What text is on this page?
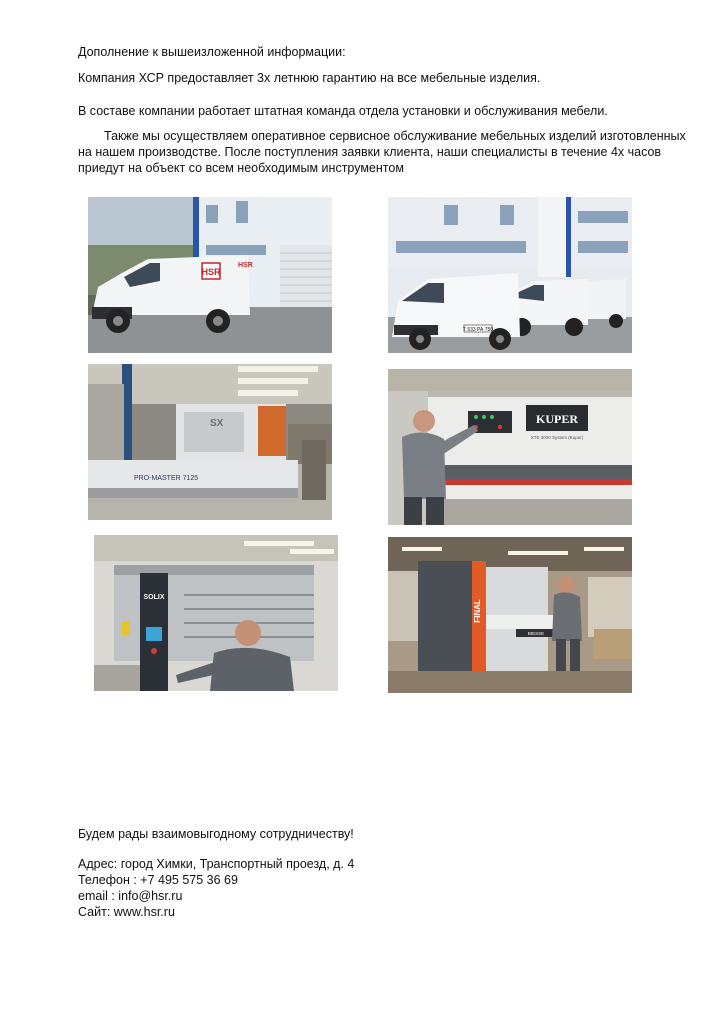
Дополнение к вышеизложенной информации:

Компания ХСР предоставляет 3х летнюю гарантию на все мебельные изделия.

В составе компании работает штатная команда отдела установки и обслуживания мебели.

Также мы осуществляем оперативное сервисное обслуживание мебельных изделий изготовленных на нашем производстве. После поступления заявки клиента, наши специалисты в течение 4х часов приедут на объект со всем необходимым инструментом

HSR
HSR
Т 533 РА 750
SX
PRO-MASTER 7125
KUPER
XTE 3000 System (Kuper)
SOLIX
FINAL
BIESSE

Будем рады взаимовыгодному сотрудничеству!

Адрес: город Химки, Транспортный проезд, д. 4

Телефон : +7 495 575 36 69

email : info@hsr.ru

Сайт: www.hsr.ru
